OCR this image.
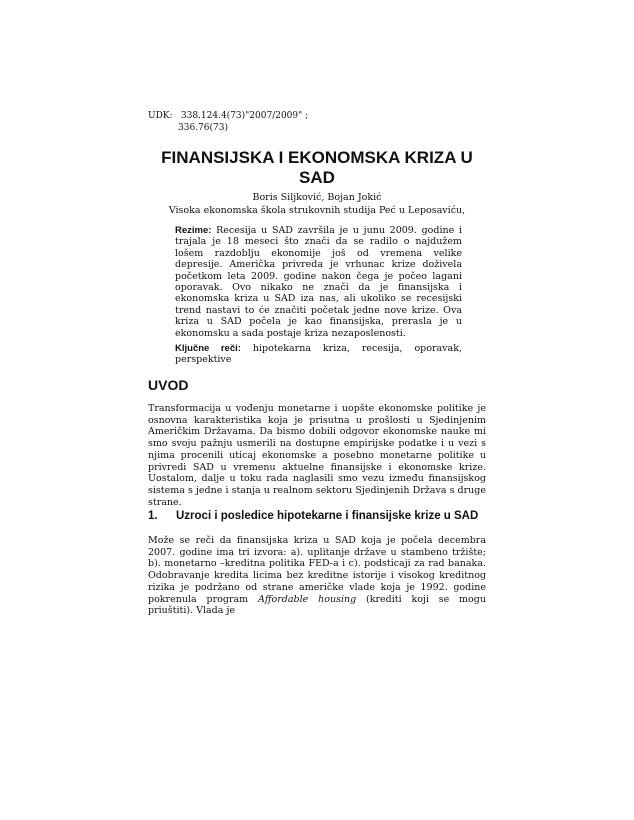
UDK: 338.124.4(73)"2007/2009" ;
336.76(73)
FINANSIJSKA I EKONOMSKA KRIZA U SAD
Boris Siljković, Bojan Jokić
Visoka ekonomska škola strukovnih studija Peć u Leposaviću,
Rezime: Recesija u SAD završila je u junu 2009. godine i trajala je 18 meseci što znači da se radilo o najdužem lošem razdoblju ekonomije još od vremena velike depresije. Američka privreda je vrhunac krize doživela početkom leta 2009. godine nakon čega je počeo lagani oporavak. Ovo nikako ne znači da je finansijska i ekonomska kriza u SAD iza nas, ali ukoliko se recesijski trend nastavi to će značiti početak jedne nove krize. Ova kriza u SAD počela je kao finansijska, prerasla je u ekonomsku a sada postaje kriza nezaposlenosti.
Ključne reči: hipotekarna kriza, recesija, oporavak, perspektive
UVOD
Transformacija u vođenju monetarne i uopšte ekonomske politike je osnovna karakteristika koja je prisutna u prošlosti u Sjedinjenim Američkim Državama. Da bismo dobili odgovor ekonomske nauke mi smo svoju pažnju usmerili na dostupne empirijske podatke i u vezi s njima procenili uticaj ekonomske a posebno monetarne politike u privredi SAD u vremenu aktuelne finansijske i ekonomske krize. Uostalom, dalje u toku rada naglasili smo vezu između finansijskog sistema s jedne i stanja u realnom sektoru Sjedinjenih Država s druge strane.
1. Uzroci i posledice hipotekarne i finansijske krize u SAD
Može se reči da finansijska kriza u SAD koja je počela decembra 2007. godine ima tri izvora: a). uplitanje države u stambeno tržište; b). monetarno –kreditna politika FED-a i c). podsticaji za rad banaka. Odobravanje kredita licima bez kreditne istorije i visokog kreditnog rizika je podržano od strane američke vlade koja je 1992. godine pokrenula program Affordable housing (krediti koji se mogu priuštiti). Vlada je
